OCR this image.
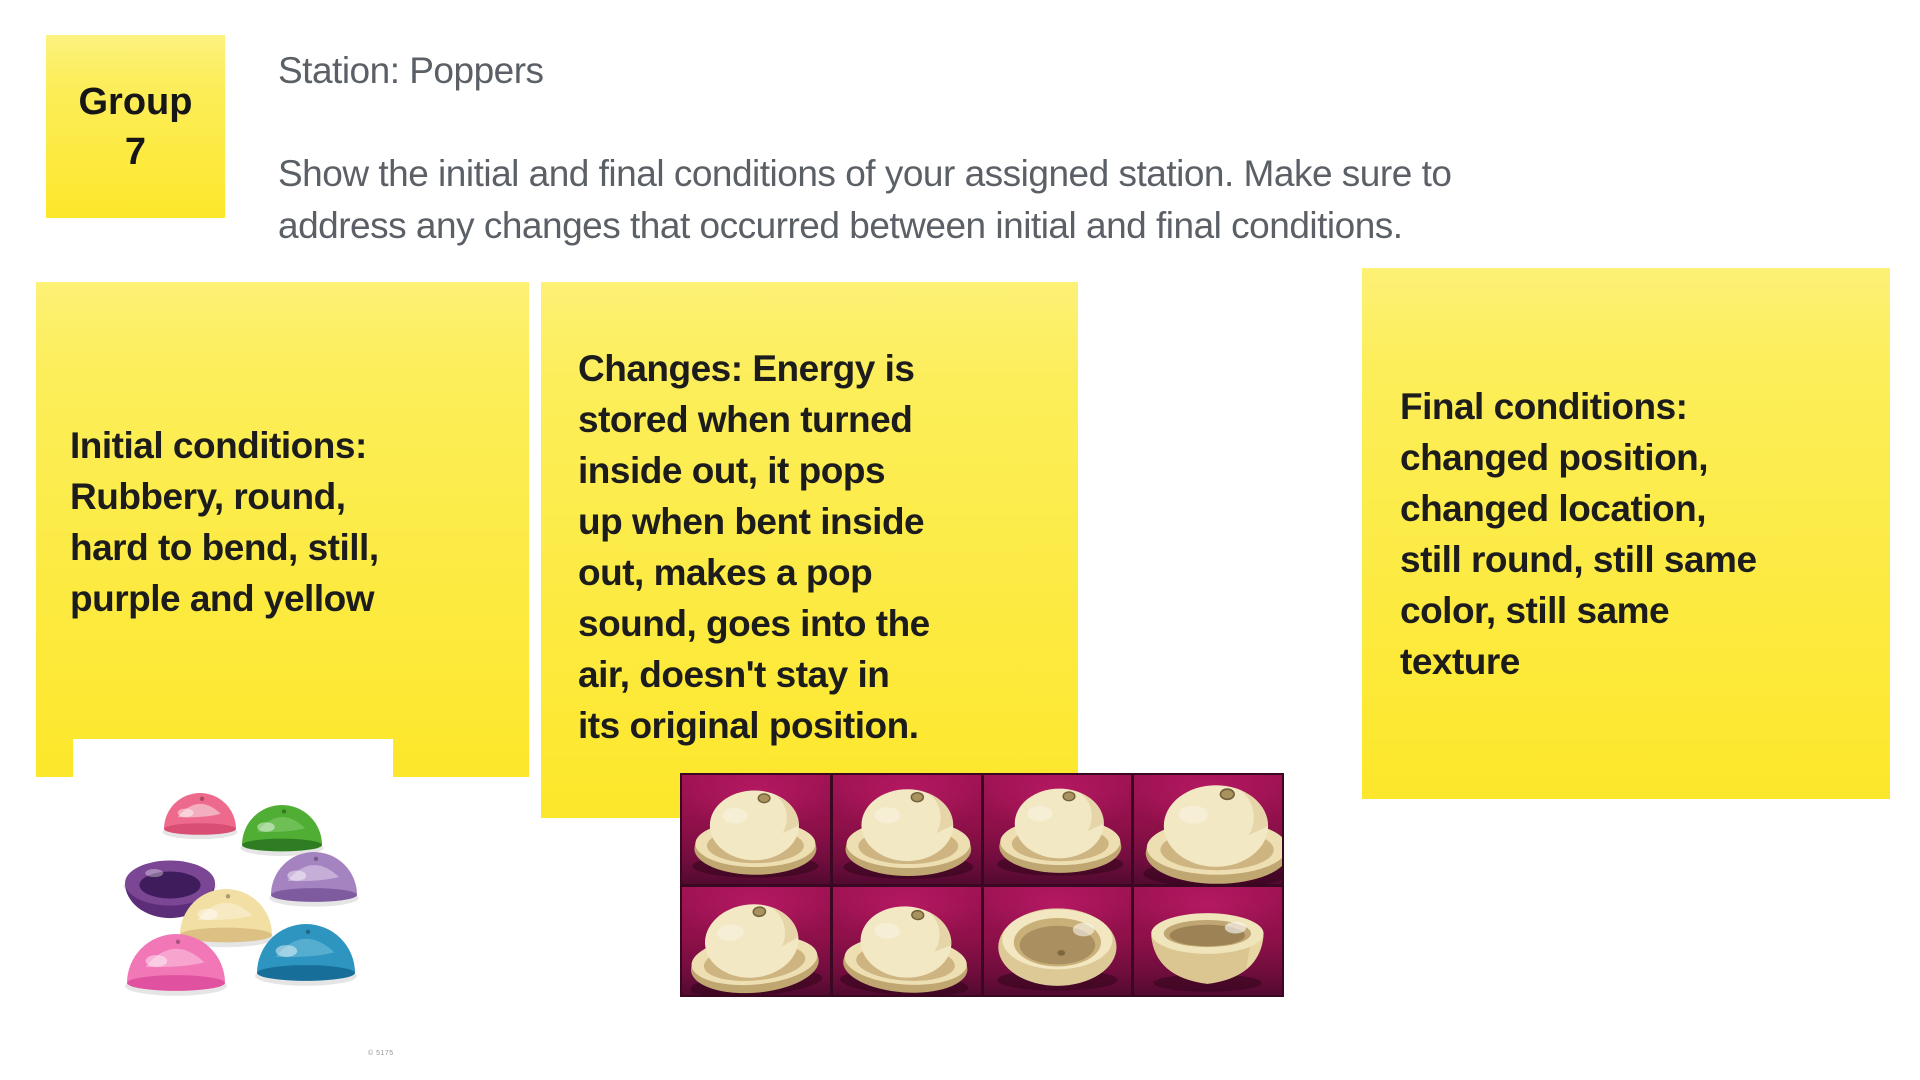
Group
7
Station: Poppers
Show the initial and final conditions of your assigned station. Make sure to
address any changes that occurred between initial and final conditions.
Initial conditions:
Rubbery, round,
hard to bend, still,
purple and yellow
Changes: Energy is
stored when turned
inside out, it pops
up when bent inside
out, makes a pop
sound, goes into the
air, doesn't stay in
its original position.
Final conditions:
changed position,
changed location,
still round, still same
color, still same
texture
© 5175
